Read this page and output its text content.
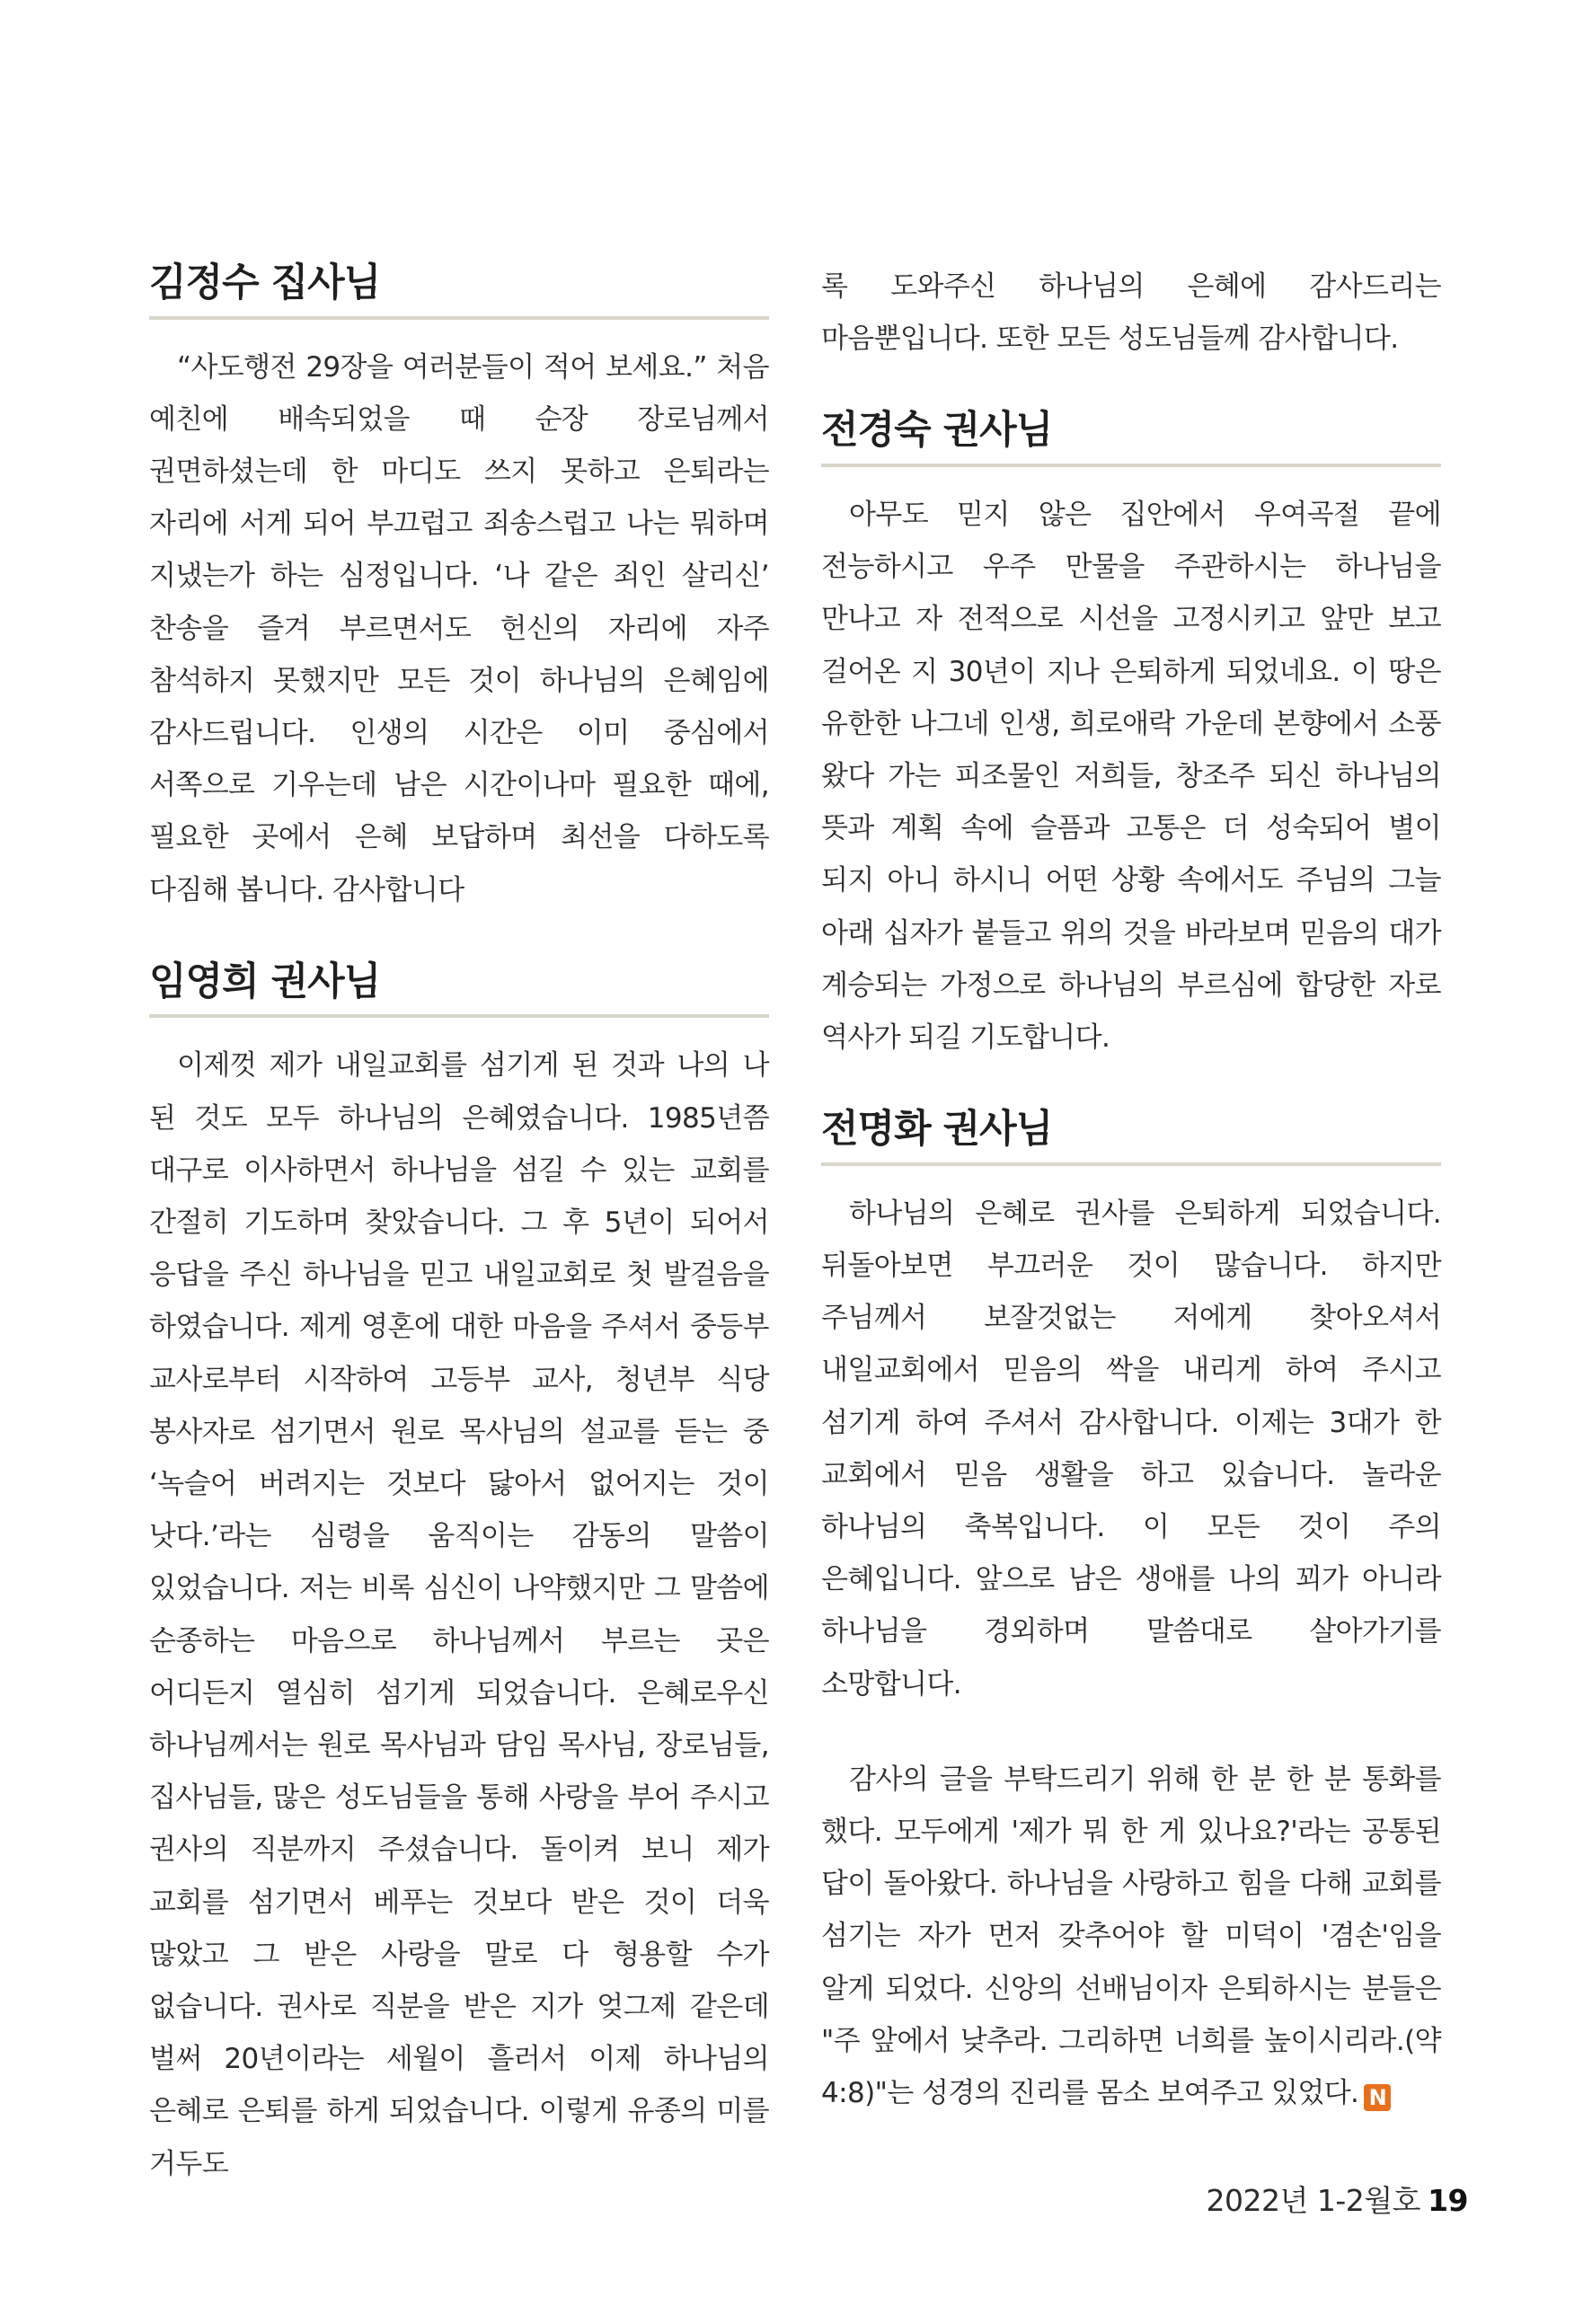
김정수 집사님

“사도행전 29장을 여러분들이 적어 보세요.” 처음 예친에 배속되었을 때 순장 장로님께서 권면하셨는데 한 마디도 쓰지 못하고 은퇴라는 자리에 서게 되어 부끄럽고 죄송스럽고 나는 뭐하며 지냈는가 하는 심정입니다. ‘나 같은 죄인 살리신’ 찬송을 즐겨 부르면서도 헌신의 자리에 자주 참석하지 못했지만 모든 것이 하나님의 은혜임에 감사드립니다. 인생의 시간은 이미 중심에서 서쪽으로 기우는데 남은 시간이나마 필요한 때에, 필요한 곳에서 은혜 보답하며 최선을 다하도록 다짐해 봅니다. 감사합니다

임영희 권사님

이제껏 제가 내일교회를 섬기게 된 것과 나의 나 된 것도 모두 하나님의 은혜였습니다. 1985년쯤 대구로 이사하면서 하나님을 섬길 수 있는 교회를 간절히 기도하며 찾았습니다. 그 후 5년이 되어서 응답을 주신 하나님을 믿고 내일교회로 첫 발걸음을 하였습니다. 제게 영혼에 대한 마음을 주셔서 중등부 교사로부터 시작하여 고등부 교사, 청년부 식당 봉사자로 섬기면서 원로 목사님의 설교를 듣는 중 ‘녹슬어 버려지는 것보다 닳아서 없어지는 것이 낫다.’라는 심령을 움직이는 감동의 말씀이 있었습니다. 저는 비록 심신이 나약했지만 그 말씀에 순종하는 마음으로 하나님께서 부르는 곳은 어디든지 열심히 섬기게 되었습니다. 은혜로우신 하나님께서는 원로 목사님과 담임 목사님, 장로님들, 집사님들, 많은 성도님들을 통해 사랑을 부어 주시고 권사의 직분까지 주셨습니다. 돌이켜 보니 제가 교회를 섬기면서 베푸는 것보다 받은 것이 더욱 많았고 그 받은 사랑을 말로 다 형용할 수가 없습니다. 권사로 직분을 받은 지가 엊그제 같은데 벌써 20년이라는 세월이 흘러서 이제 하나님의 은혜로 은퇴를 하게 되었습니다. 이렇게 유종의 미를 거두도

록 도와주신 하나님의 은혜에 감사드리는 마음뿐입니다. 또한 모든 성도님들께 감사합니다.

전경숙 권사님

아무도 믿지 않은 집안에서 우여곡절 끝에 전능하시고 우주 만물을 주관하시는 하나님을 만나고 자 전적으로 시선을 고정시키고 앞만 보고 걸어온 지 30년이 지나 은퇴하게 되었네요. 이 땅은 유한한 나그네 인생, 희로애락 가운데 본향에서 소풍 왔다 가는 피조물인 저희들, 창조주 되신 하나님의 뜻과 계획 속에 슬픔과 고통은 더 성숙되어 별이 되지 아니 하시니 어떤 상황 속에서도 주님의 그늘 아래 십자가 붙들고 위의 것을 바라보며 믿음의 대가 계승되는 가정으로 하나님의 부르심에 합당한 자로 역사가 되길 기도합니다.

전명화 권사님

하나님의 은혜로 권사를 은퇴하게 되었습니다. 뒤돌아보면 부끄러운 것이 많습니다. 하지만 주님께서 보잘것없는 저에게 찾아오셔서 내일교회에서 믿음의 싹을 내리게 하여 주시고 섬기게 하여 주셔서 감사합니다. 이제는 3대가 한 교회에서 믿음 생활을 하고 있습니다. 놀라운 하나님의 축복입니다. 이 모든 것이 주의 은혜입니다. 앞으로 남은 생애를 나의 꾀가 아니라 하나님을 경외하며 말씀대로 살아가기를 소망합니다.

감사의 글을 부탁드리기 위해 한 분 한 분 통화를 했다. 모두에게 '제가 뭐 한 게 있나요?'라는 공통된 답이 돌아왔다. 하나님을 사랑하고 힘을 다해 교회를 섬기는 자가 먼저 갖추어야 할 미덕이 '겸손'임을 알게 되었다. 신앙의 선배님이자 은퇴하시는 분들은 "주 앞에서 낮추라. 그리하면 너희를 높이시리라.(약 4:8)"는 성경의 진리를 몸소 보여주고 있었다. N

2022년 1-2월호 19
